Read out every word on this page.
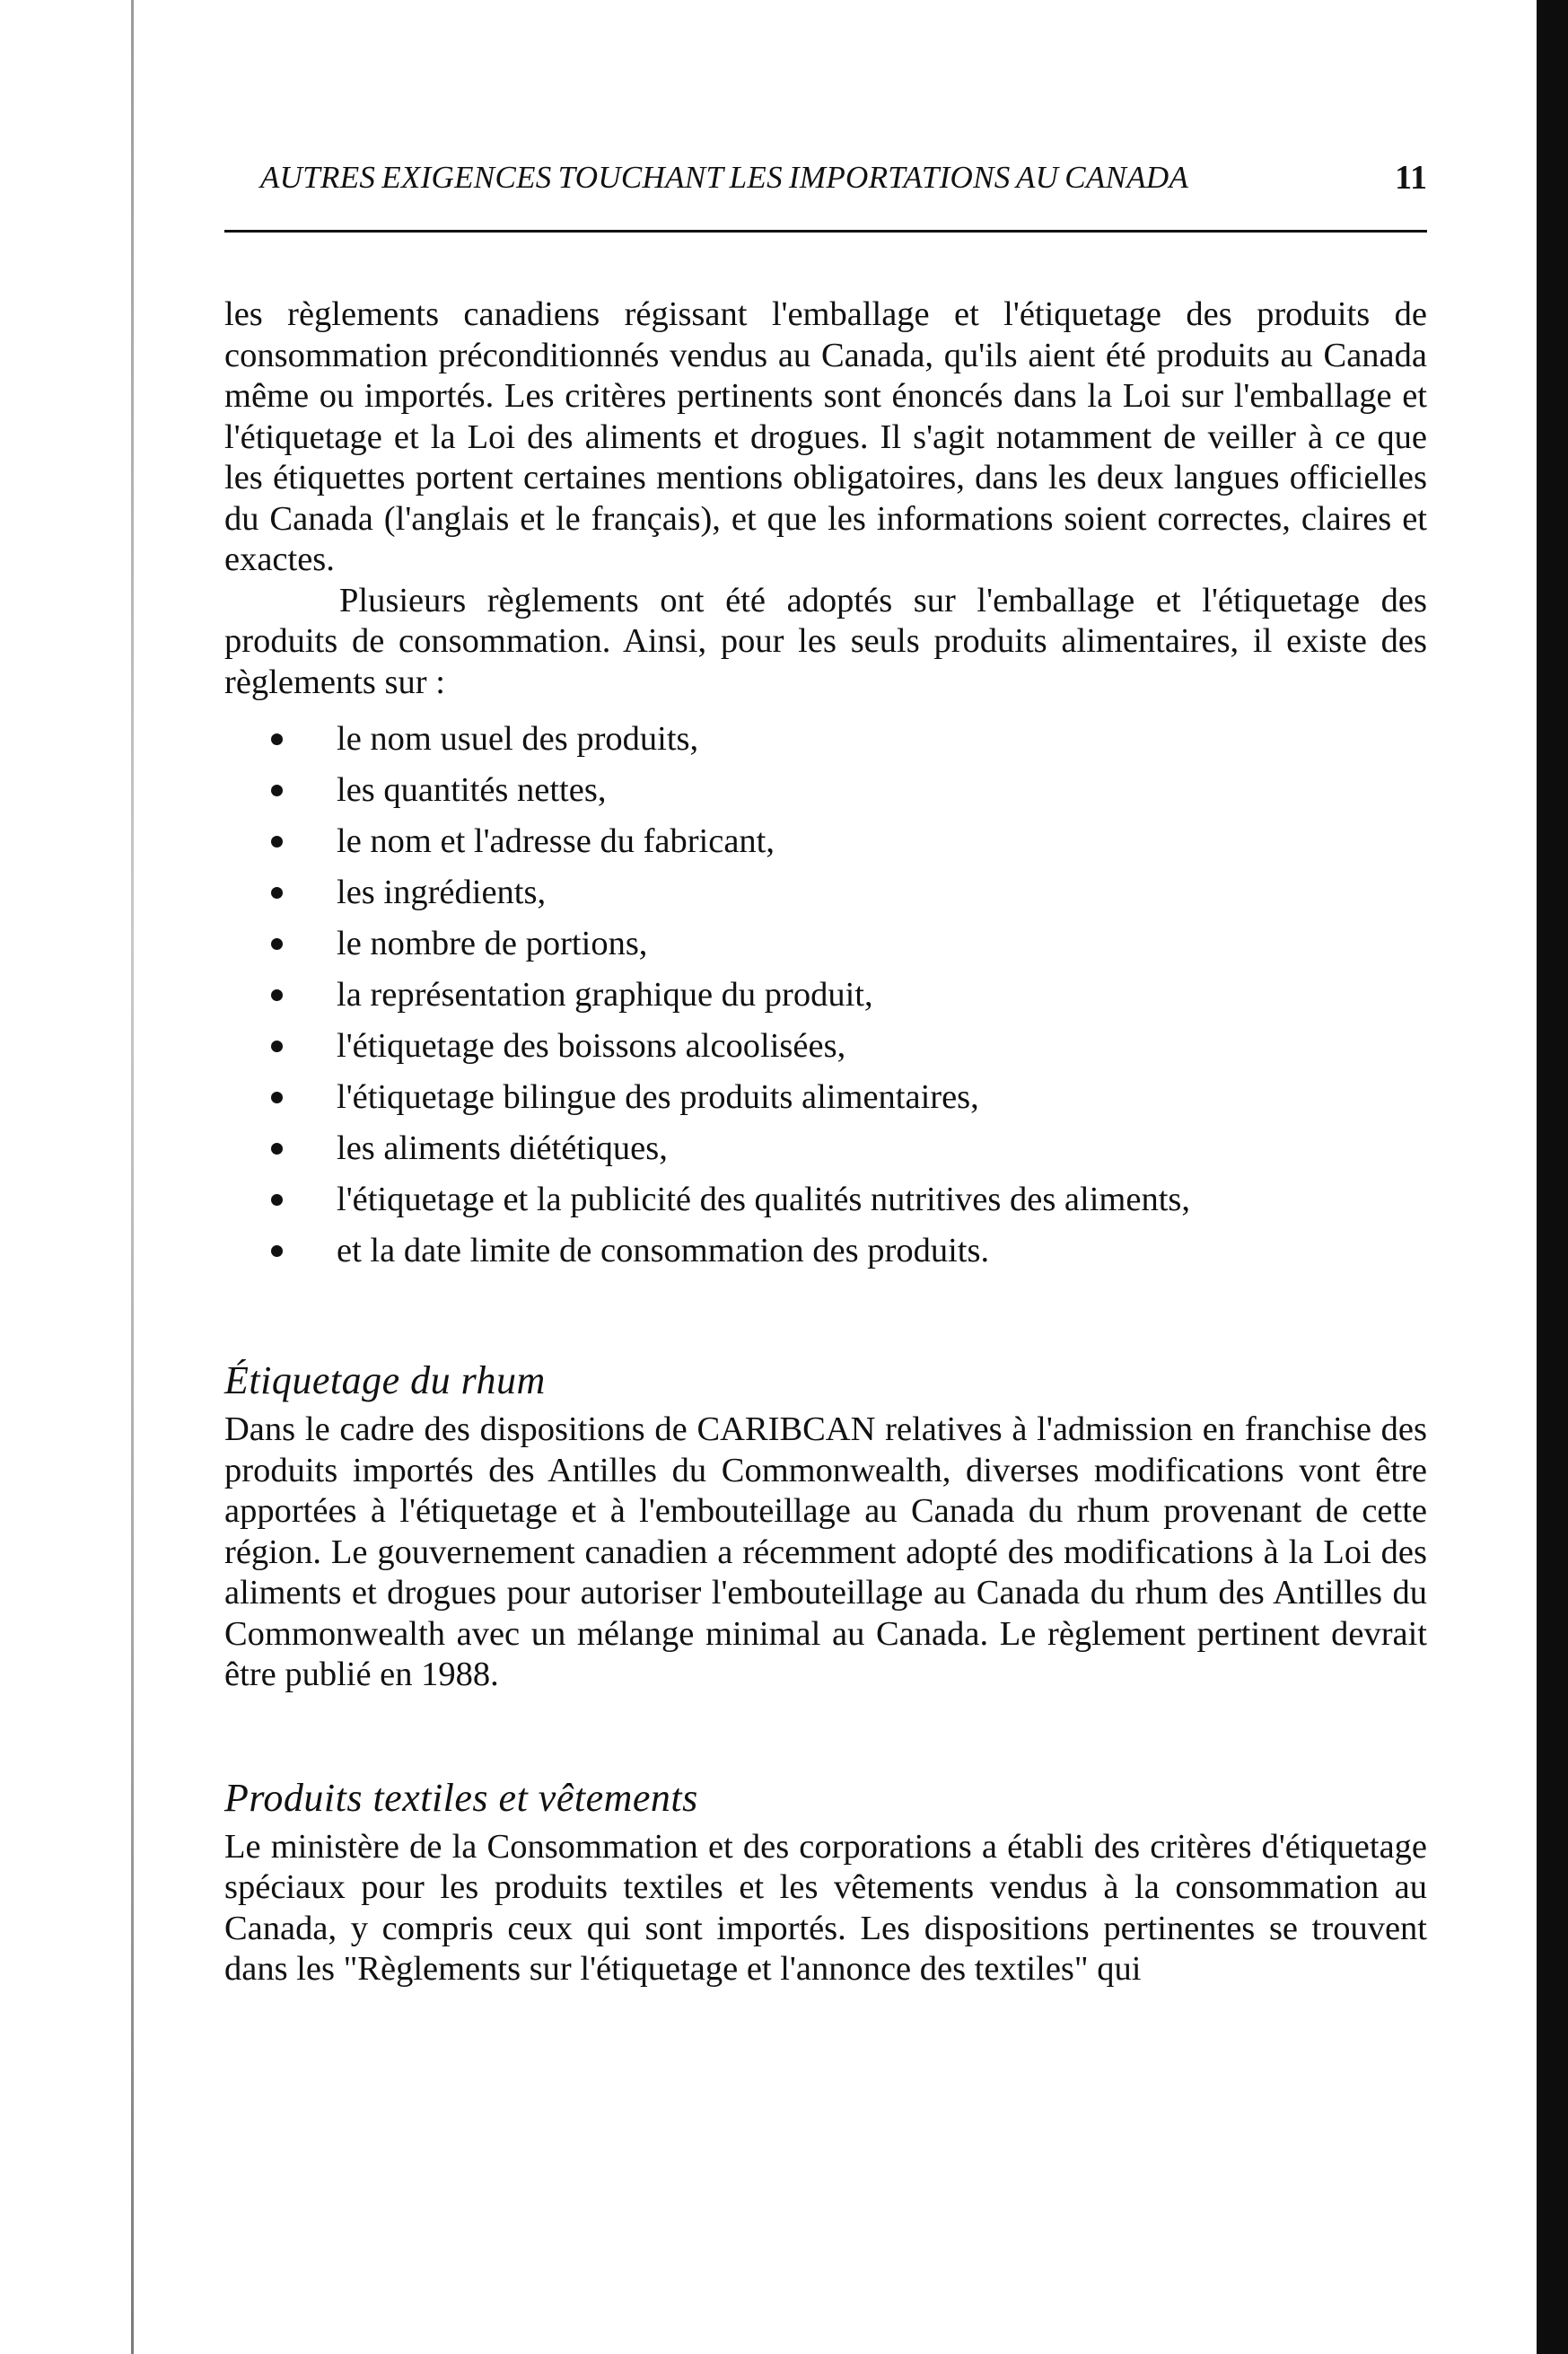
AUTRES EXIGENCES TOUCHANT LES IMPORTATIONS AU CANADA	11

les règlements canadiens régissant l'emballage et l'étiquetage des produits de consommation préconditionnés vendus au Canada, qu'ils aient été produits au Canada même ou importés. Les critères pertinents sont énoncés dans la Loi sur l'emballage et l'étiquetage et la Loi des aliments et drogues. Il s'agit notamment de veiller à ce que les étiquettes portent certaines mentions obligatoires, dans les deux langues officielles du Canada (l'anglais et le français), et que les informations soient correctes, claires et exactes.

Plusieurs règlements ont été adoptés sur l'emballage et l'étiquetage des produits de consommation. Ainsi, pour les seuls produits alimentaires, il existe des règlements sur :

le nom usuel des produits,
les quantités nettes,
le nom et l'adresse du fabricant,
les ingrédients,
le nombre de portions,
la représentation graphique du produit,
l'étiquetage des boissons alcoolisées,
l'étiquetage bilingue des produits alimentaires,
les aliments diététiques,
l'étiquetage et la publicité des qualités nutritives des aliments,
et la date limite de consommation des produits.
Étiquetage du rhum

Dans le cadre des dispositions de CARIBCAN relatives à l'admission en franchise des produits importés des Antilles du Commonwealth, diverses modifications vont être apportées à l'étiquetage et à l'embouteillage au Canada du rhum provenant de cette région. Le gouvernement canadien a récemment adopté des modifications à la Loi des aliments et drogues pour autoriser l'embouteillage au Canada du rhum des Antilles du Commonwealth avec un mélange minimal au Canada. Le règlement pertinent devrait être publié en 1988.

Produits textiles et vêtements

Le ministère de la Consommation et des corporations a établi des critères d'étiquetage spéciaux pour les produits textiles et les vêtements vendus à la consommation au Canada, y compris ceux qui sont importés. Les dispositions pertinentes se trouvent dans les "Règlements sur l'étiquetage et l'annonce des textiles" qui
